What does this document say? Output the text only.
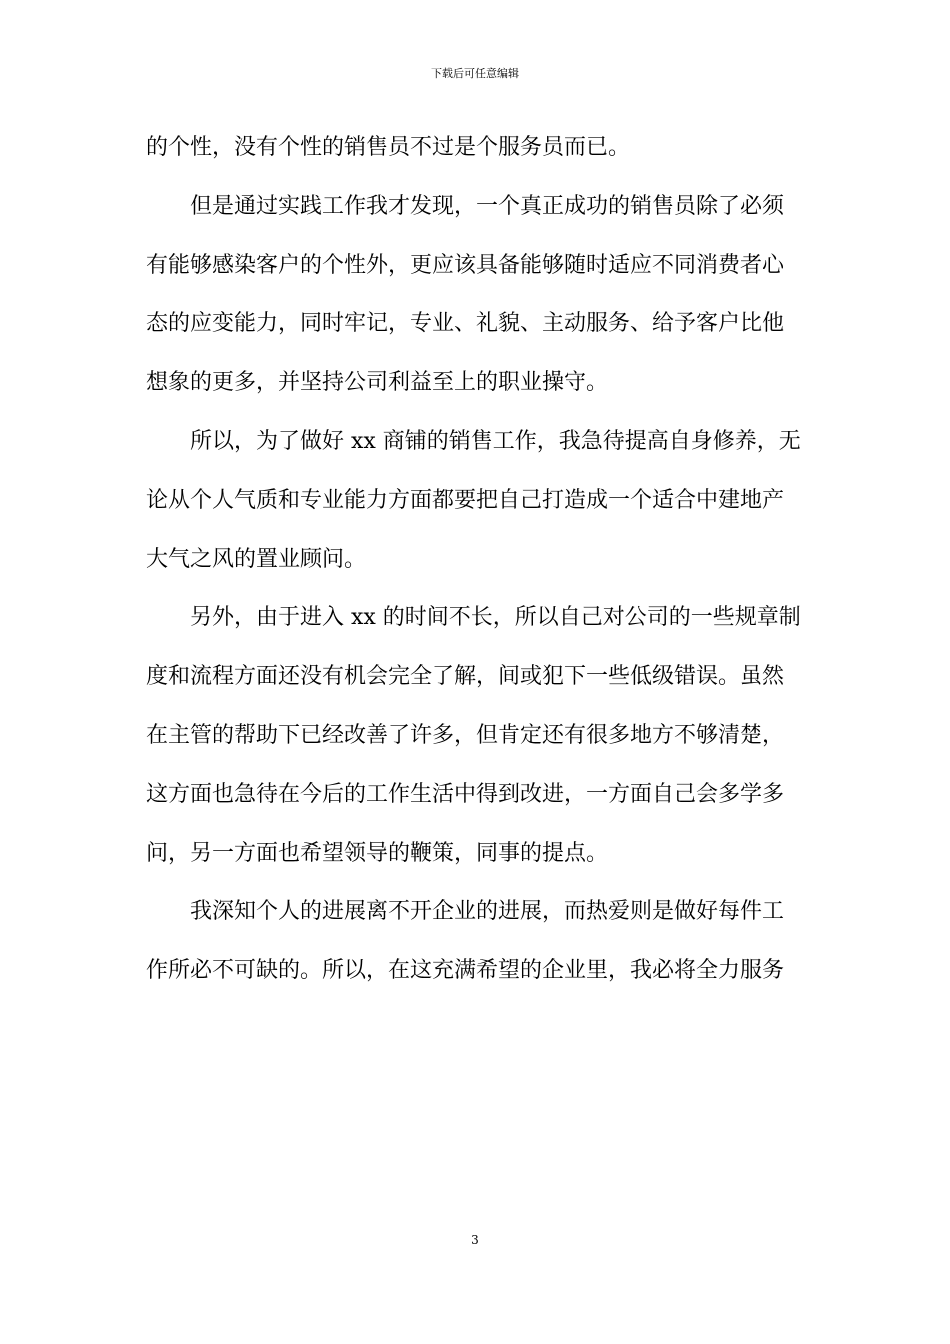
下载后可任意编辑
的个性，没有个性的销售员不过是个服务员而已。
但是通过实践工作我才发现，一个真正成功的销售员除了必须
有能够感染客户的个性外，更应该具备能够随时适应不同消费者心
态的应变能力，同时牢记，专业、礼貌、主动服务、给予客户比他
想象的更多，并坚持公司利益至上的职业操守。
所以，为了做好 xx 商铺的销售工作，我急待提高自身修养，无
论从个人气质和专业能力方面都要把自己打造成一个适合中建地产
大气之风的置业顾问。
另外，由于进入 xx 的时间不长，所以自己对公司的一些规章制
度和流程方面还没有机会完全了解，间或犯下一些低级错误。虽然
在主管的帮助下已经改善了许多，但肯定还有很多地方不够清楚，
这方面也急待在今后的工作生活中得到改进，一方面自己会多学多
问，另一方面也希望领导的鞭策，同事的提点。
我深知个人的进展离不开企业的进展，而热爱则是做好每件工
作所必不可缺的。所以，在这充满希望的企业里，我必将全力服务
3
